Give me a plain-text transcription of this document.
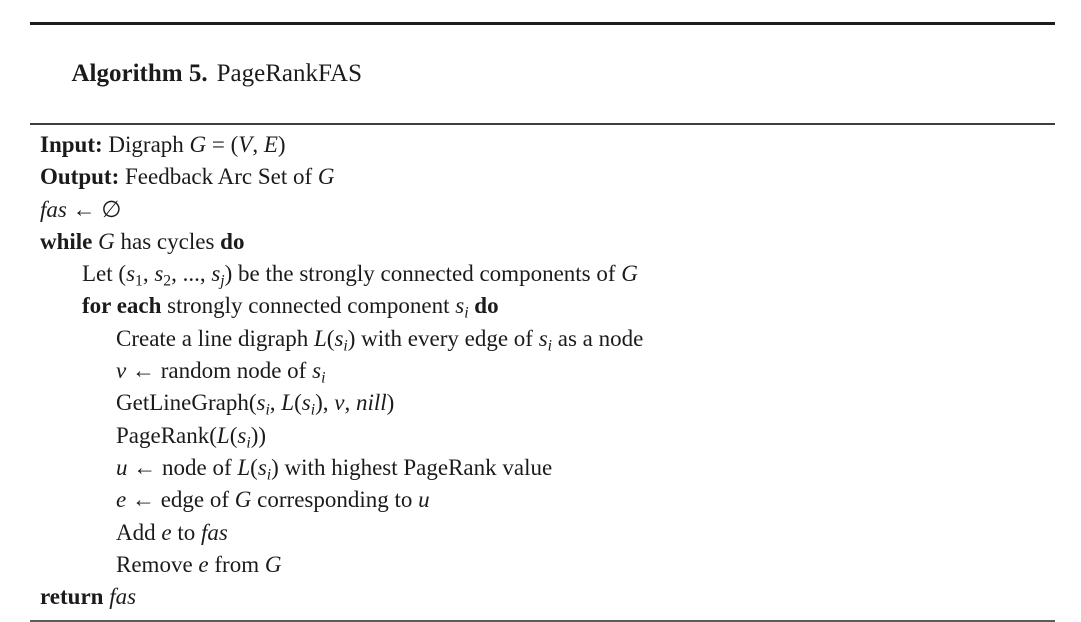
Algorithm 5. PageRankFAS

Input: Digraph G = (V, E)
Output: Feedback Arc Set of G
fas ← ∅
while G has cycles do
Let ($s_1$, $s_2$, ..., $s_j$) be the strongly connected components of G
for each strongly connected component $s_i$ do
Create a line digraph $L(s_i)$ with every edge of $s_i$ as a node
v ← random node of $s_i$
$GetLineGraph(s_i$, $L(s_i)$, v, nill)
$PageRank(L(s_i))$
u ← node of $L(s_i)$ with highest PageRank value
e ← edge of G corresponding to u
Add e to fas
Remove e from G
return fas
